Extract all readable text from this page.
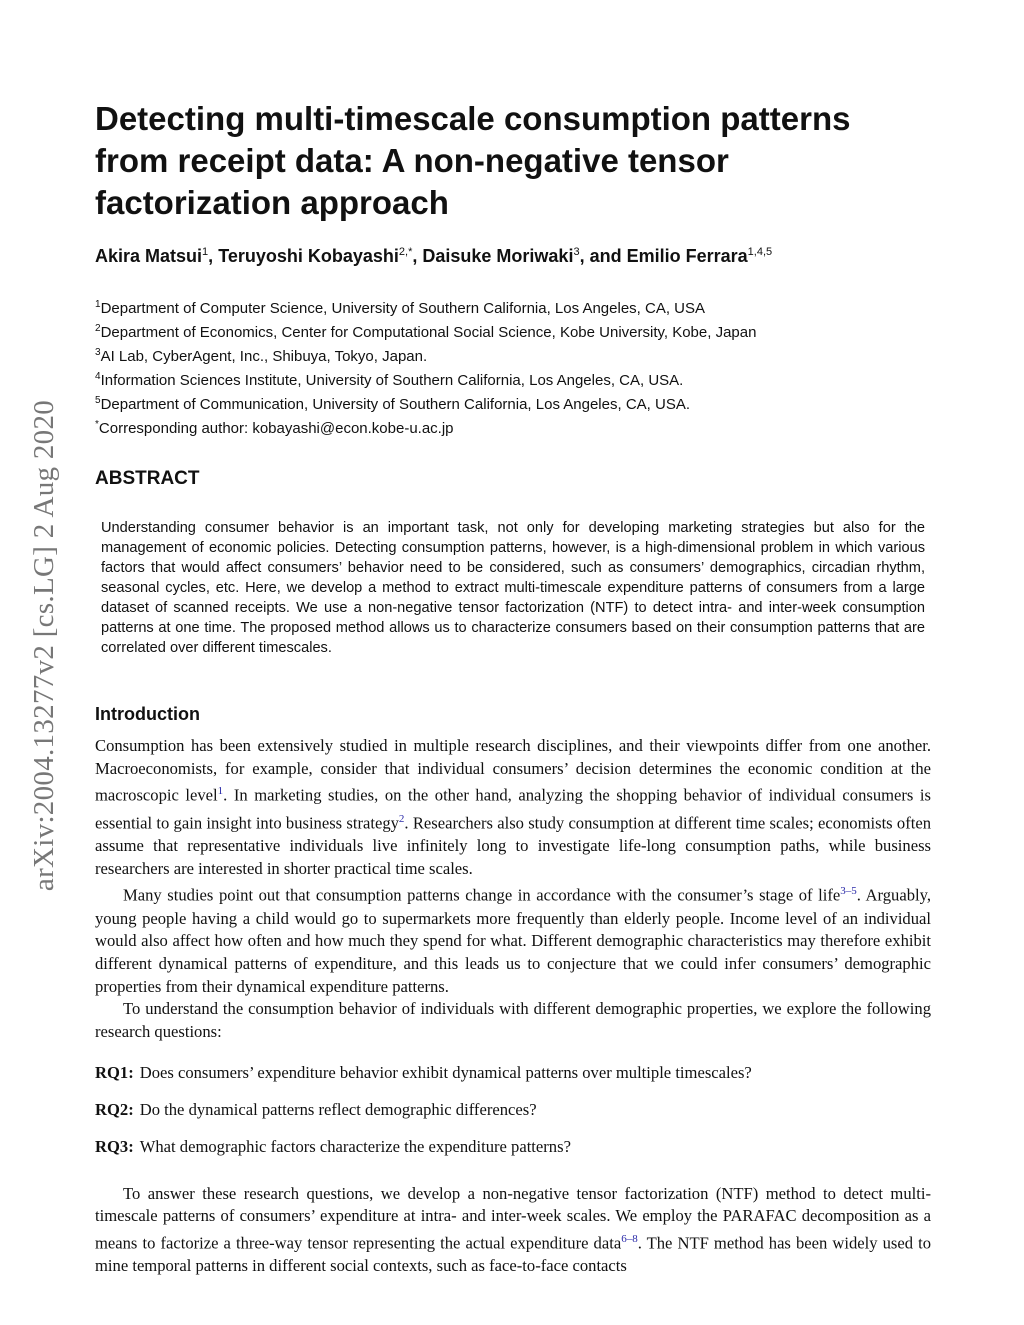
arXiv:2004.13277v2 [cs.LG] 2 Aug 2020
Detecting multi-timescale consumption patterns from receipt data: A non-negative tensor factorization approach
Akira Matsui$^1$, Teruyoshi Kobayashi$^{2,*}$, Daisuke Moriwaki$^3$, and Emilio Ferrara$^{1,4,5}$
$^1$Department of Computer Science, University of Southern California, Los Angeles, CA, USA
$^2$Department of Economics, Center for Computational Social Science, Kobe University, Kobe, Japan
$^3$AI Lab, CyberAgent, Inc., Shibuya, Tokyo, Japan.
$^4$Information Sciences Institute, University of Southern California, Los Angeles, CA, USA.
$^5$Department of Communication, University of Southern California, Los Angeles, CA, USA.
*Corresponding author: kobayashi@econ.kobe-u.ac.jp
ABSTRACT

Understanding consumer behavior is an important task, not only for developing marketing strategies but also for the management of economic policies. Detecting consumption patterns, however, is a high-dimensional problem in which various factors that would affect consumers’ behavior need to be considered, such as consumers’ demographics, circadian rhythm, seasonal cycles, etc. Here, we develop a method to extract multi-timescale expenditure patterns of consumers from a large dataset of scanned receipts. We use a non-negative tensor factorization (NTF) to detect intra- and inter-week consumption patterns at one time. The proposed method allows us to characterize consumers based on their consumption patterns that are correlated over different timescales.

Introduction

Consumption has been extensively studied in multiple research disciplines, and their viewpoints differ from one another. Macroeconomists, for example, consider that individual consumers’ decision determines the economic condition at the macroscopic level$^1$. In marketing studies, on the other hand, analyzing the shopping behavior of individual consumers is essential to gain insight into business strategy$^2$. Researchers also study consumption at different time scales; economists often assume that representative individuals live infinitely long to investigate life-long consumption paths, while business researchers are interested in shorter practical time scales.

Many studies point out that consumption patterns change in accordance with the consumer’s stage of life$^{3-5}$. Arguably, young people having a child would go to supermarkets more frequently than elderly people. Income level of an individual would also affect how often and how much they spend for what. Different demographic characteristics may therefore exhibit different dynamical patterns of expenditure, and this leads us to conjecture that we could infer consumers’ demographic properties from their dynamical expenditure patterns.

To understand the consumption behavior of individuals with different demographic properties, we explore the following research questions:

RQ1: Does consumers’ expenditure behavior exhibit dynamical patterns over multiple timescales?
RQ2: Do the dynamical patterns reflect demographic differences?
RQ3: What demographic factors characterize the expenditure patterns?

To answer these research questions, we develop a non-negative tensor factorization (NTF) method to detect multi-timescale patterns of consumers’ expenditure at intra- and inter-week scales. We employ the PARAFAC decomposition as a means to factorize a three-way tensor representing the actual expenditure data$^{6-8}$. The NTF method has been widely used to mine temporal patterns in different social contexts, such as face-to-face contacts
